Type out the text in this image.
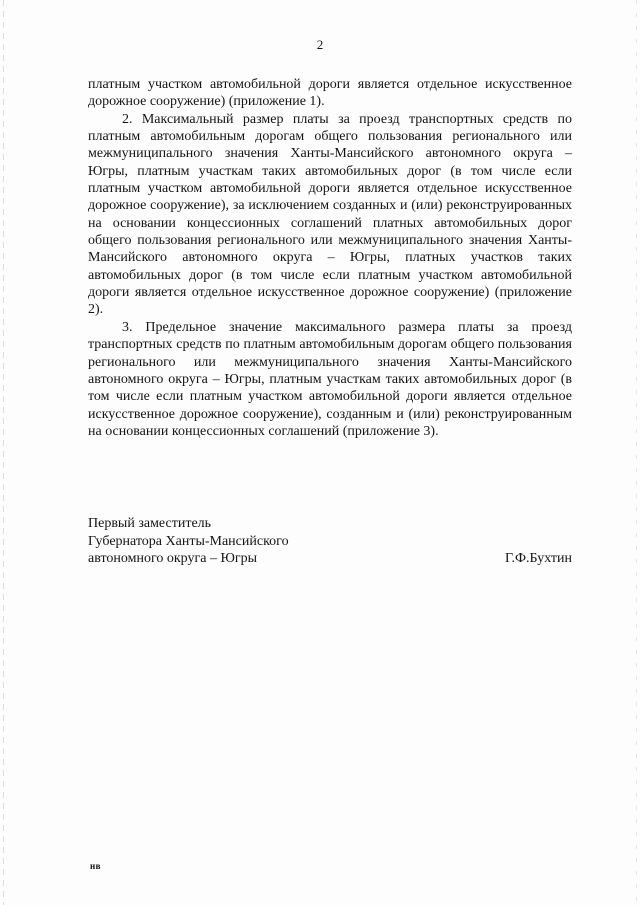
2

платным участком автомобильной дороги является отдельное искусственное дорожное сооружение) (приложение 1).

2. Максимальный размер платы за проезд транспортных средств по платным автомобильным дорогам общего пользования регионального или межмуниципального значения Ханты-Мансийского автономного округа – Югры, платным участкам таких автомобильных дорог (в том числе если платным участком автомобильной дороги является отдельное искусственное дорожное сооружение), за исключением созданных и (или) реконструированных на основании концессионных соглашений платных автомобильных дорог общего пользования регионального или межмуниципального значения Ханты-Мансийского автономного округа – Югры, платных участков таких автомобильных дорог (в том числе если платным участком автомобильной дороги является отдельное искусственное дорожное сооружение) (приложение 2).

3. Предельное значение максимального размера платы за проезд транспортных средств по платным автомобильным дорогам общего пользования регионального или межмуниципального значения Ханты-Мансийского автономного округа – Югры, платным участкам таких автомобильных дорог (в том числе если платным участком автомобильной дороги является отдельное искусственное дорожное сооружение), созданным и (или) реконструированным на основании концессионных соглашений (приложение 3).

Первый заместитель
Губернатора Ханты-Мансийского
автономного округа – Югры	Г.Ф.Бухтин
нв
